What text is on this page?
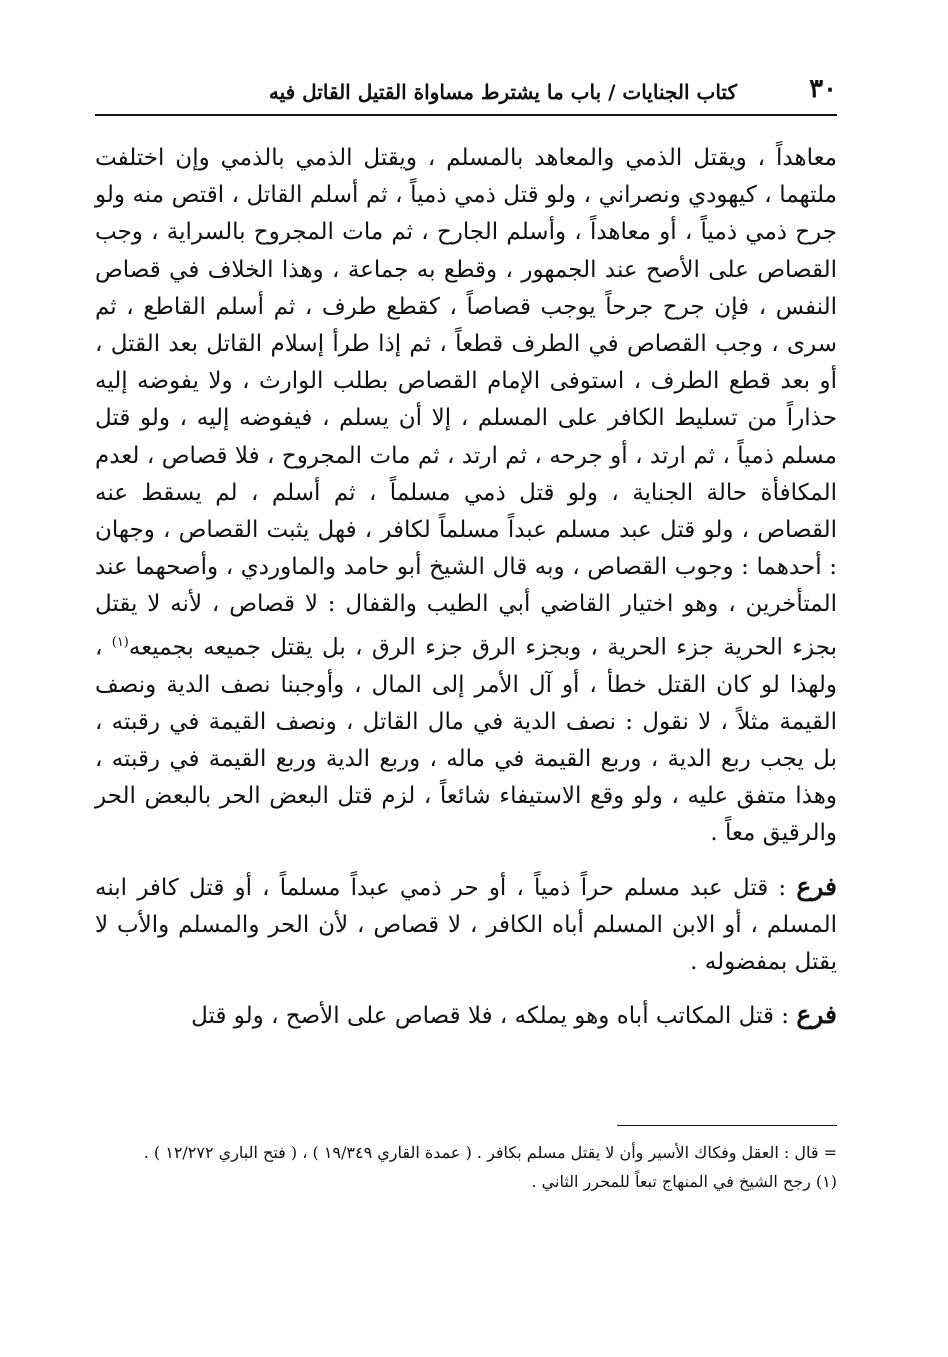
٣٠
كتاب الجنايات / باب ما يشترط مساواة القتيل القاتل فيه

معاهداً ، ويقتل الذمي والمعاهد بالمسلم ، ويقتل الذمي بالذمي وإن اختلفت ملتهما ، كيهودي ونصراني ، ولو قتل ذمي ذمياً ، ثم أسلم القاتل ، اقتص منه ولو جرح ذمي ذمياً ، أو معاهداً ، وأسلم الجارح ، ثم مات المجروح بالسراية ، وجب القصاص على الأصح عند الجمهور ، وقطع به جماعة ، وهذا الخلاف في قصاص النفس ، فإن جرح جرحاً يوجب قصاصاً ، كقطع طرف ، ثم أسلم القاطع ، ثم سرى ، وجب القصاص في الطرف قطعاً ، ثم إذا طرأ إسلام القاتل بعد القتل ، أو بعد قطع الطرف ، استوفى الإمام القصاص بطلب الوارث ، ولا يفوضه إليه حذاراً من تسليط الكافر على المسلم ، إلا أن يسلم ، فيفوضه إليه ، ولو قتل مسلم ذمياً ، ثم ارتد ، أو جرحه ، ثم ارتد ، ثم مات المجروح ، فلا قصاص ، لعدم المكافأة حالة الجناية ، ولو قتل ذمي مسلماً ، ثم أسلم ، لم يسقط عنه القصاص ، ولو قتل عبد مسلم عبداً مسلماً لكافر ، فهل يثبت القصاص ، وجهان : أحدهما : وجوب القصاص ، وبه قال الشيخ أبو حامد والماوردي ، وأصحهما عند المتأخرين ، وهو اختيار القاضي أبي الطيب والقفال : لا قصاص ، لأنه لا يقتل بجزء الحرية جزء الحرية ، وبجزء الرق جزء الرق ، بل يقتل جميعه بجميعه$^{(١)}$ ، ولهذا لو كان القتل خطأ ، أو آل الأمر إلى المال ، وأوجبنا نصف الدية ونصف القيمة مثلاً ، لا نقول : نصف الدية في مال القاتل ، ونصف القيمة في رقبته ، بل يجب ربع الدية ، وربع القيمة في ماله ، وربع الدية وربع القيمة في رقبته ، وهذا متفق عليه ، ولو وقع الاستيفاء شائعاً ، لزم قتل البعض الحر بالبعض الحر والرقيق معاً .

فرع : قتل عبد مسلم حراً ذمياً ، أو حر ذمي عبداً مسلماً ، أو قتل كافر ابنه المسلم ، أو الابن المسلم أباه الكافر ، لا قصاص ، لأن الحر والمسلم والأب لا يقتل بمفضوله .

فرع : قتل المكاتب أباه وهو يملكه ، فلا قصاص على الأصح ، ولو قتل

= قال : العقل وفكاك الأسير وأن لا يقتل مسلم بكافر . ( عمدة القاري ١٩/٣٤٩ ) ، ( فتح الباري ١٢/٢٧٢ ) .

(١) رجح الشيخ في المنهاج تبعاً للمحرر الثاني .
